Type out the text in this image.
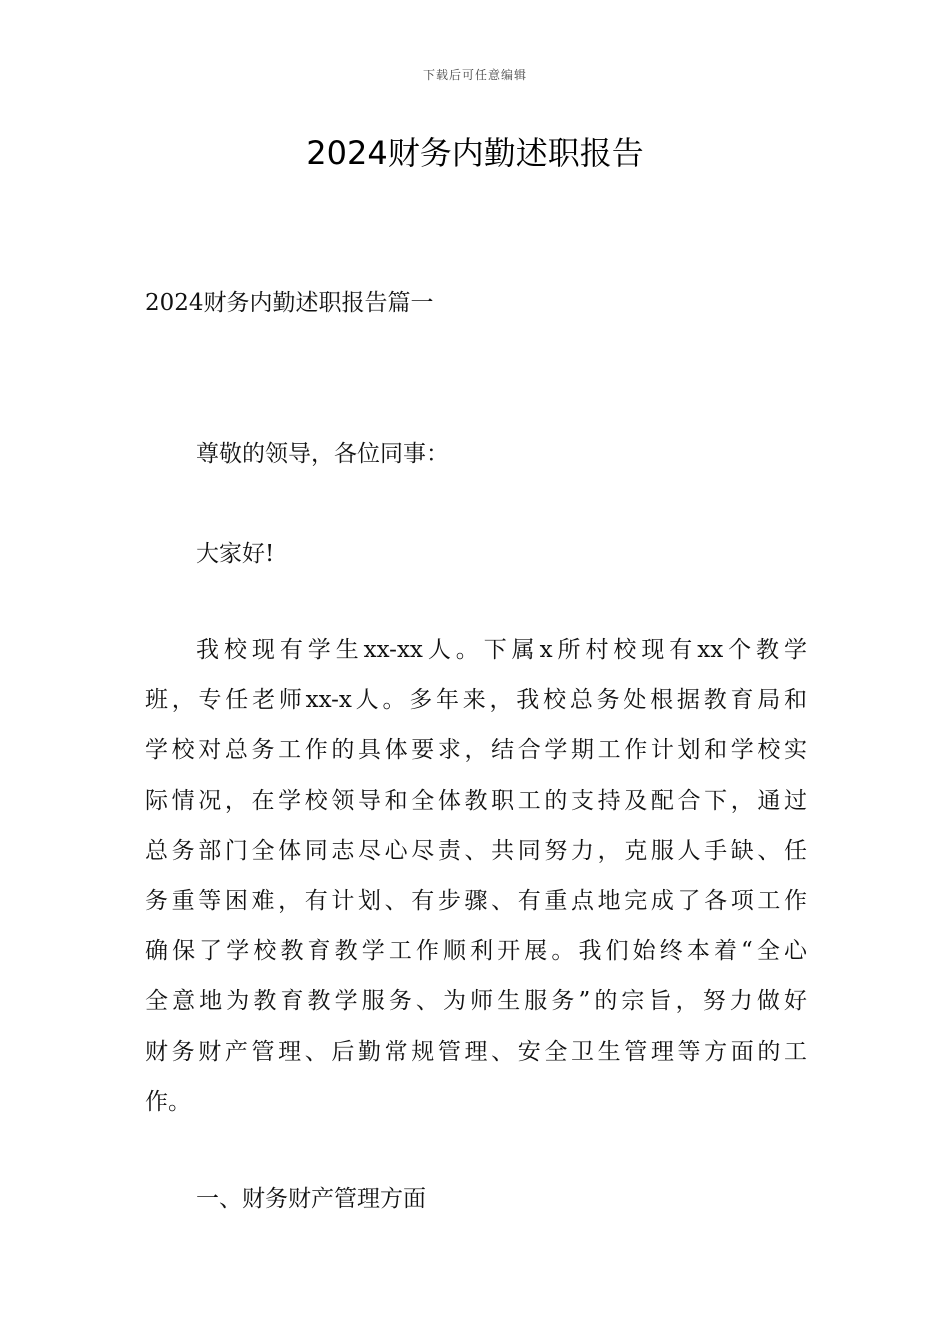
下载后可任意编辑
2024财务内勤述职报告

2024财务内勤述职报告篇一

尊敬的领导，各位同事：

大家好!

我校现有学生xx-xx人。下属x所村校现有xx个教学
班，专任老师xx-x人。多年来，我校总务处根据教育局和
学校对总务工作的具体要求，结合学期工作计划和学校实
际情况，在学校领导和全体教职工的支持及配合下，通过
总务部门全体同志尽心尽责、共同努力，克服人手缺、任
务重等困难，有计划、有步骤、有重点地完成了各项工作
确保了学校教育教学工作顺利开展。我们始终本着“全心
全意地为教育教学服务、为师生服务”的宗旨，努力做好
财务财产管理、后勤常规管理、安全卫生管理等方面的工
作。

一、财务财产管理方面
